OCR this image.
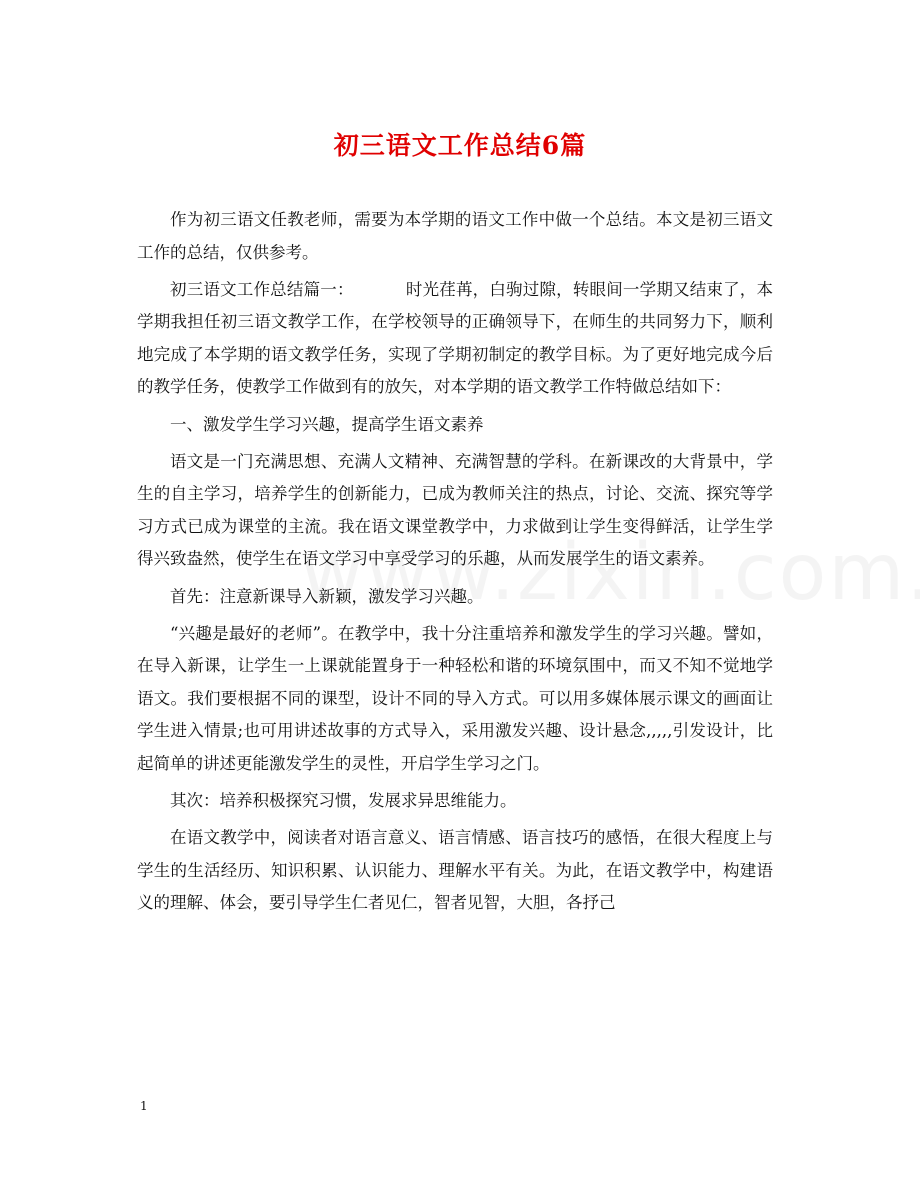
初三语文工作总结6篇

作为初三语文任教老师，需要为本学期的语文工作中做一个总结。本文是初三语文工作的总结，仅供参考。

初三语文工作总结篇一：	时光荏苒，白驹过隙，转眼间一学期又结束了，本学期我担任初三语文教学工作，在学校领导的正确领导下，在师生的共同努力下，顺利地完成了本学期的语文教学任务，实现了学期初制定的教学目标。为了更好地完成今后的教学任务，使教学工作做到有的放矢，对本学期的语文教学工作特做总结如下：

一、激发学生学习兴趣，提高学生语文素养

语文是一门充满思想、充满人文精神、充满智慧的学科。在新课改的大背景中，学生的自主学习，培养学生的创新能力，已成为教师关注的热点，讨论、交流、探究等学习方式已成为课堂的主流。我在语文课堂教学中，力求做到让学生变得鲜活，让学生学得兴致盎然，使学生在语文学习中享受学习的乐趣，从而发展学生的语文素养。

首先：注意新课导入新颖，激发学习兴趣。

“兴趣是最好的老师”。在教学中，我十分注重培养和激发学生的学习兴趣。譬如，在导入新课，让学生一上课就能置身于一种轻松和谐的环境氛围中，而又不知不觉地学语文。我们要根据不同的课型，设计不同的导入方式。可以用多媒体展示课文的画面让学生进入情景;也可用讲述故事的方式导入，采用激发兴趣、设计悬念,,,,,引发设计，比起简单的讲述更能激发学生的灵性，开启学生学习之门。

其次：培养积极探究习惯，发展求异思维能力。

在语文教学中，阅读者对语言意义、语言情感、语言技巧的感悟，在很大程度上与学生的生活经历、知识积累、认识能力、理解水平有关。为此，在语文教学中，构建语义的理解、体会，要引导学生仁者见仁，智者见智，大胆，各抒己

1
